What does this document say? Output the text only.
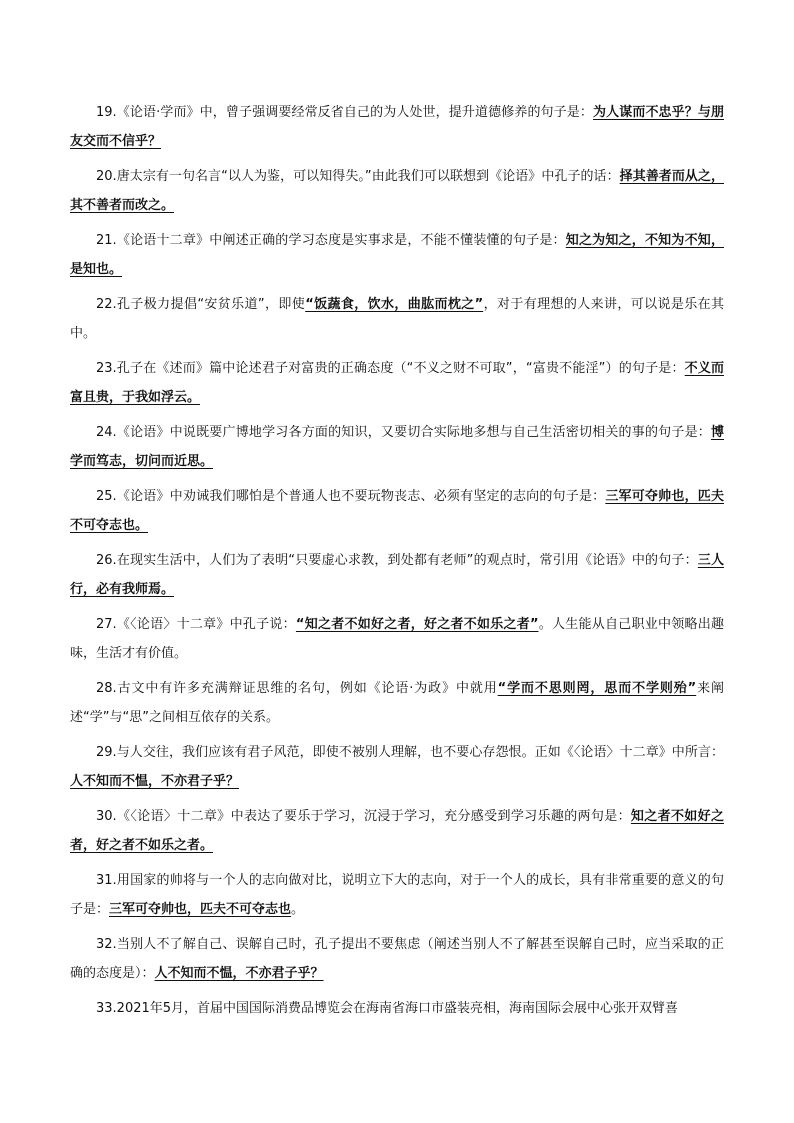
19.《论语·学而》中，曾子强调要经常反省自己的为人处世，提升道德修养的句子是：为人谋而不忠乎？与朋友交而不信乎？

20.唐太宗有一句名言“以人为鉴，可以知得失。”由此我们可以联想到《论语》中孔子的话：择其善者而从之，其不善者而改之。

21.《论语十二章》中阐述正确的学习态度是实事求是，不能不懂装懂的句子是：知之为知之，不知为不知，是知也。

22.孔子极力提倡“安贫乐道”，即使“饭蔬食，饮水，曲肱而枕之”，对于有理想的人来讲，可以说是乐在其中。

23.孔子在《述而》篇中论述君子对富贵的正确态度（“不义之财不可取”，“富贵不能淫”）的句子是：不义而富且贵，于我如浮云。

24.《论语》中说既要广博地学习各方面的知识，又要切合实际地多想与自己生活密切相关的事的句子是：博学而笃志，切问而近思。

25.《论语》中劝诫我们哪怕是个普通人也不要玩物丧志、必须有坚定的志向的句子是：三军可夺帅也，匹夫不可夺志也。

26.在现实生活中，人们为了表明“只要虚心求教，到处都有老师”的观点时，常引用《论语》中的句子：三人行，必有我师焉。

27.《〈论语〉十二章》中孔子说：“知之者不如好之者，好之者不如乐之者”。人生能从自己职业中领略出趣味，生活才有价值。

28.古文中有许多充满辩证思维的名句，例如《论语·为政》中就用“学而不思则罔，思而不学则殆”来阐述“学”与“思”之间相互依存的关系。

29.与人交往，我们应该有君子风范，即使不被别人理解，也不要心存怨恨。正如《〈论语〉十二章》中所言：人不知而不愠，不亦君子乎？

30.《〈论语〉十二章》中表达了要乐于学习，沉浸于学习，充分感受到学习乐趣的两句是：知之者不如好之者，好之者不如乐之者。

31.用国家的帅将与一个人的志向做对比，说明立下大的志向，对于一个人的成长，具有非常重要的意义的句子是：三军可夺帅也，匹夫不可夺志也。

32.当别人不了解自己、误解自己时，孔子提出不要焦虑（阐述当别人不了解甚至误解自己时，应当采取的正确的态度是）：人不知而不愠，不亦君子乎？

33.2021年5月，首届中国国际消费品博览会在海南省海口市盛装亮相，海南国际会展中心张开双臂喜
